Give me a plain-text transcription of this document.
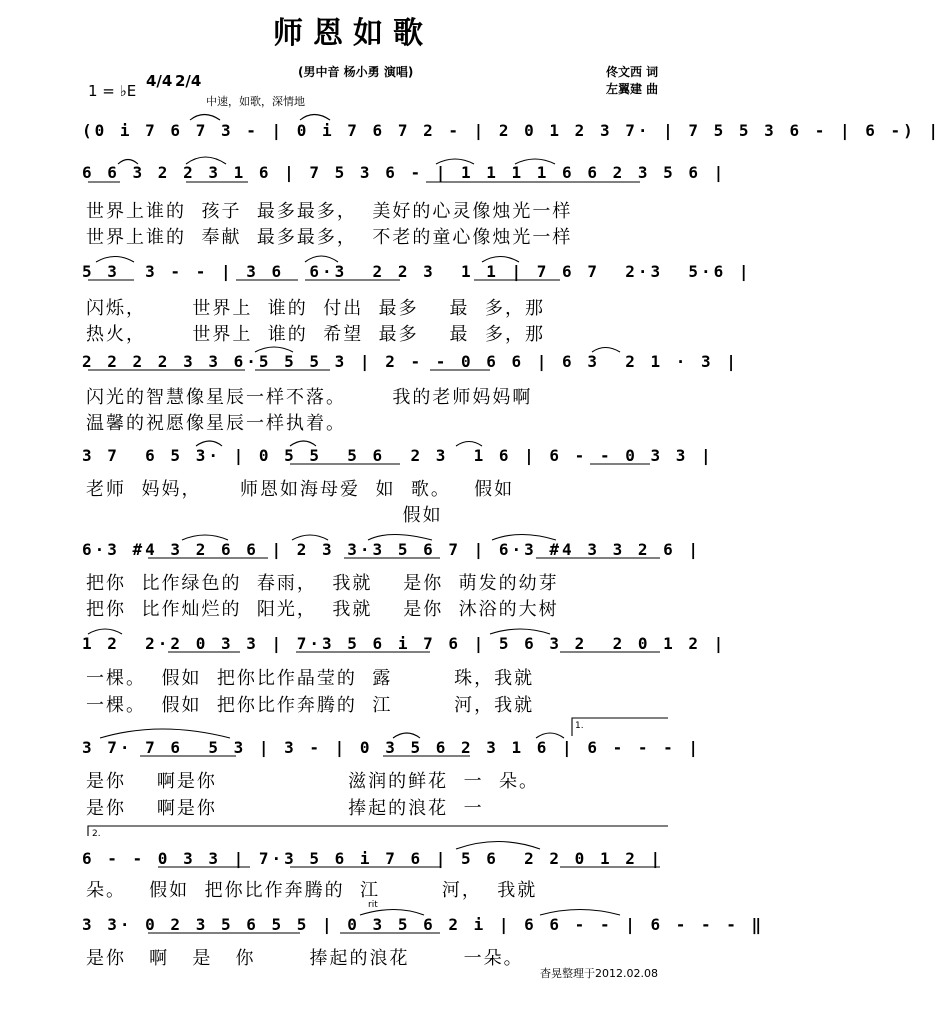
师恩如歌
(男中音 杨小勇 演唱)	佟文西 词
左翼建 曲
1 = ♭E
4/4 2/4
中速，如歌，深情地
(0 i 7 6 7 3 - | 0 i 7 6 7 2 - | 2 0 1 2 3 7· | 7 5 5 3 6 - | 6 -) |
6 6 3 2 2 3 1 6 | 7 5 3 6 - | 1 1 1 1 6 6 2 3 5 6 |
世界上谁的  孩子  最多最多，  美好的心灵像烛光一样
世界上谁的  奉献  最多最多，  不老的童心像烛光一样
5 3  3 - - | 3 6  6·3  2 2 3  1 1 | 7 6 7  2·3  5·6 |
闪烁，      世界上  谁的  付出  最多    最  多，那
热火，      世界上  谁的  希望  最多    最  多，那
2 2 2 2 3 3 6·5 5 5 3 | 2 - - 0 6 6 | 6 3  2 1 · 3 |
闪光的智慧像星辰一样不落。      我的老师妈妈啊
温馨的祝愿像星辰一样执着。
3 7  6 5 3· | 0 5 5  5 6  2 3  1 6 | 6 - - 0 3 3 |
老师  妈妈，     师恩如海母爱  如  歌。   假如
假如
6·3 #4 3 2 6 6 | 2 3 3·3 5 6 7 | 6·3 #4 3 3 2 6 |
把你  比作绿色的  春雨，  我就    是你  萌发的幼芽
把你  比作灿烂的  阳光，  我就    是你  沐浴的大树
1 2  2·2 0 3 3 | 7·3 5 6 i 7 6 | 5 6 3 2  2 0 1 2 |
一棵。  假如  把你比作晶莹的  露        珠，我就
一棵。  假如  把你比作奔腾的  江        河，我就
3 7· 7 6  5 3 | 3 - | 0 3 5 6 2 3 1 6 | 6 - - - |
是你    啊是你                 滋润的鲜花  一  朵。
是你    啊是你                 捧起的浪花  一
6 - - 0 3 3 | 7·3 5 6 i 7 6 | 5 6  2 2 0 1 2 |
朵。   假如  把你比作奔腾的  江        河，  我就
3 3· 0 2 3 5 6 5 5 | 0 3 5 6 2 i | 6 6 - - | 6 - - - ‖
是你   啊   是   你       捧起的浪花       一朵。
杳晃整理于2012.02.08
1.
2.
rit
